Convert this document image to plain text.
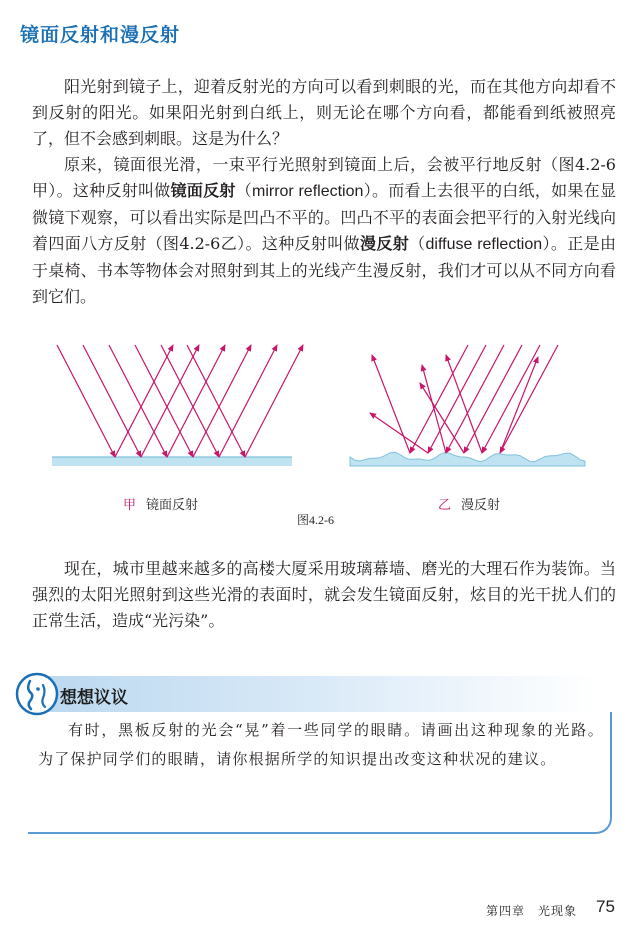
镜面反射和漫反射

阳光射到镜子上，迎着反射光的方向可以看到刺眼的光，而在其他方向却看不到反射的阳光。如果阳光射到白纸上，则无论在哪个方向看，都能看到纸被照亮了，但不会感到刺眼。这是为什么？

原来，镜面很光滑，一束平行光照射到镜面上后，会被平行地反射（图4.2-6甲）。这种反射叫做镜面反射（mirror reflection）。而看上去很平的白纸，如果在显微镜下观察，可以看出实际是凹凸不平的。凹凸不平的表面会把平行的入射光线向着四面八方反射（图4.2-6乙）。这种反射叫做漫反射（diffuse reflection）。正是由于桌椅、书本等物体会对照射到其上的光线产生漫反射，我们才可以从不同方向看到它们。

甲 镜面反射	乙 漫反射
图4.2-6

现在，城市里越来越多的高楼大厦采用玻璃幕墙、磨光的大理石作为装饰。当强烈的太阳光照射到这些光滑的表面时，就会发生镜面反射，炫目的光干扰人们的正常生活，造成“光污染”。

想想议议

有时，黑板反射的光会“晃”着一些同学的眼睛。请画出这种现象的光路。为了保护同学们的眼睛，请你根据所学的知识提出改变这种状况的建议。

第四章　光现象 75
